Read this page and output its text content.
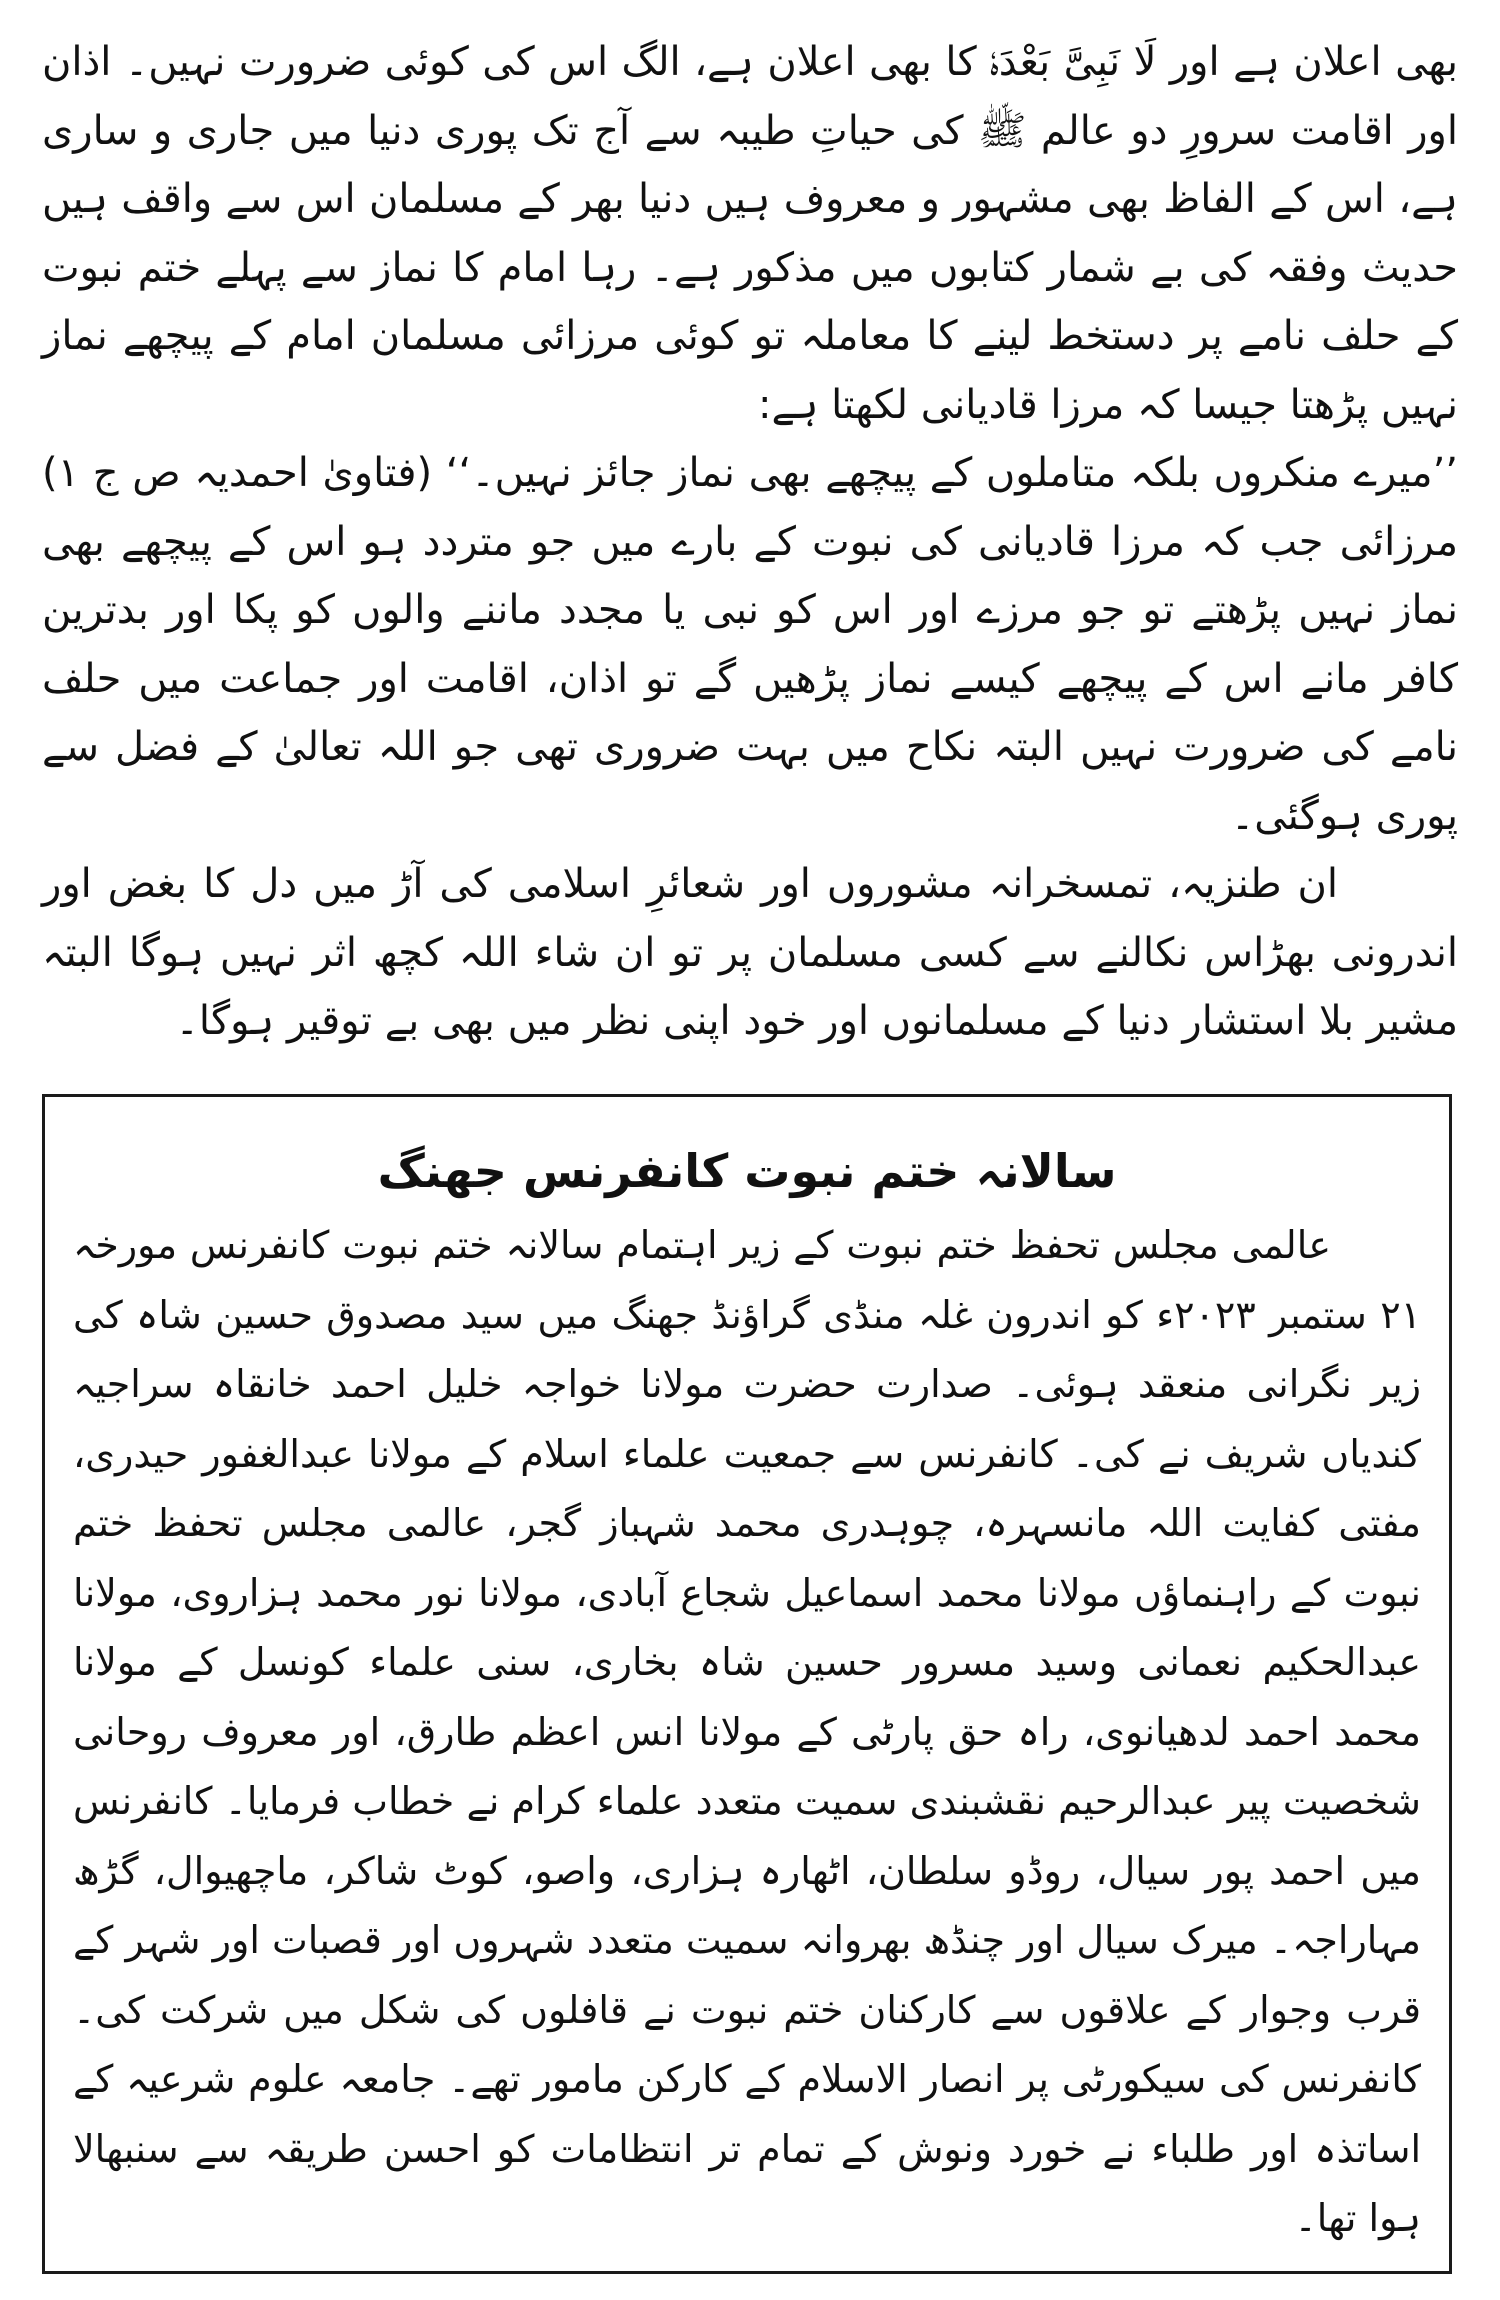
بھی اعلان ہے اور لَا نَبِیَّ بَعْدَہٗ کا بھی اعلان ہے، الگ اس کی کوئی ضرورت نہیں۔ اذان اور اقامت سرورِ دو عالم ﷺ کی حیاتِ طیبہ سے آج تک پوری دنیا میں جاری و ساری ہے، اس کے الفاظ بھی مشہور و معروف ہیں دنیا بھر کے مسلمان اس سے واقف ہیں حدیث وفقہ کی بے شمار کتابوں میں مذکور ہے۔ رہا امام کا نماز سے پہلے ختم نبوت کے حلف نامے پر دستخط لینے کا معاملہ تو کوئی مرزائی مسلمان امام کے پیچھے نماز نہیں پڑھتا جیسا کہ مرزا قادیانی لکھتا ہے:

’’میرے منکروں بلکہ متاملوں کے پیچھے بھی نماز جائز نہیں۔‘‘ (فتاویٰ احمدیہ ص ج ۱) مرزائی جب کہ مرزا قادیانی کی نبوت کے بارے میں جو متردد ہو اس کے پیچھے بھی نماز نہیں پڑھتے تو جو مرزے اور اس کو نبی یا مجدد ماننے والوں کو پکا اور بدترین کافر مانے اس کے پیچھے کیسے نماز پڑھیں گے تو اذان، اقامت اور جماعت میں حلف نامے کی ضرورت نہیں البتہ نکاح میں بہت ضروری تھی جو اللہ تعالیٰ کے فضل سے پوری ہوگئی۔

ان طنزیہ، تمسخرانہ مشوروں اور شعائرِ اسلامی کی آڑ میں دل کا بغض اور اندرونی بھڑاس نکالنے سے کسی مسلمان پر تو ان شاء اللہ کچھ اثر نہیں ہوگا البتہ مشیر بلا استشار دنیا کے مسلمانوں اور خود اپنی نظر میں بھی بے توقیر ہوگا۔

سالانہ ختم نبوت کانفرنس جھنگ

عالمی مجلس تحفظ ختم نبوت کے زیر اہتمام سالانہ ختم نبوت کانفرنس مورخہ ۲۱ ستمبر ۲۰۲۳ء کو اندرون غلہ منڈی گراؤنڈ جھنگ میں سید مصدوق حسین شاہ کی زیر نگرانی منعقد ہوئی۔ صدارت حضرت مولانا خواجہ خلیل احمد خانقاہ سراجیہ کندیاں شریف نے کی۔ کانفرنس سے جمعیت علماء اسلام کے مولانا عبدالغفور حیدری، مفتی کفایت اللہ مانسہرہ، چوہدری محمد شہباز گجر، عالمی مجلس تحفظ ختم نبوت کے راہنماؤں مولانا محمد اسماعیل شجاع آبادی، مولانا نور محمد ہزاروی، مولانا عبدالحکیم نعمانی وسید مسرور حسین شاہ بخاری، سنی علماء کونسل کے مولانا محمد احمد لدھیانوی، راہ حق پارٹی کے مولانا انس اعظم طارق، اور معروف روحانی شخصیت پیر عبدالرحیم نقشبندی سمیت متعدد علماء کرام نے خطاب فرمایا۔ کانفرنس میں احمد پور سیال، روڈو سلطان، اٹھارہ ہزاری، واصو، کوٹ شاکر، ماچھیوال، گڑھ مہاراجہ۔ میرک سیال اور چنڈھ بھروانہ سمیت متعدد شہروں اور قصبات اور شہر کے قرب وجوار کے علاقوں سے کارکنان ختم نبوت نے قافلوں کی شکل میں شرکت کی۔ کانفرنس کی سیکورٹی پر انصار الاسلام کے کارکن مامور تھے۔ جامعہ علوم شرعیہ کے اساتذہ اور طلباء نے خورد ونوش کے تمام تر انتظامات کو احسن طریقہ سے سنبھالا ہوا تھا۔
